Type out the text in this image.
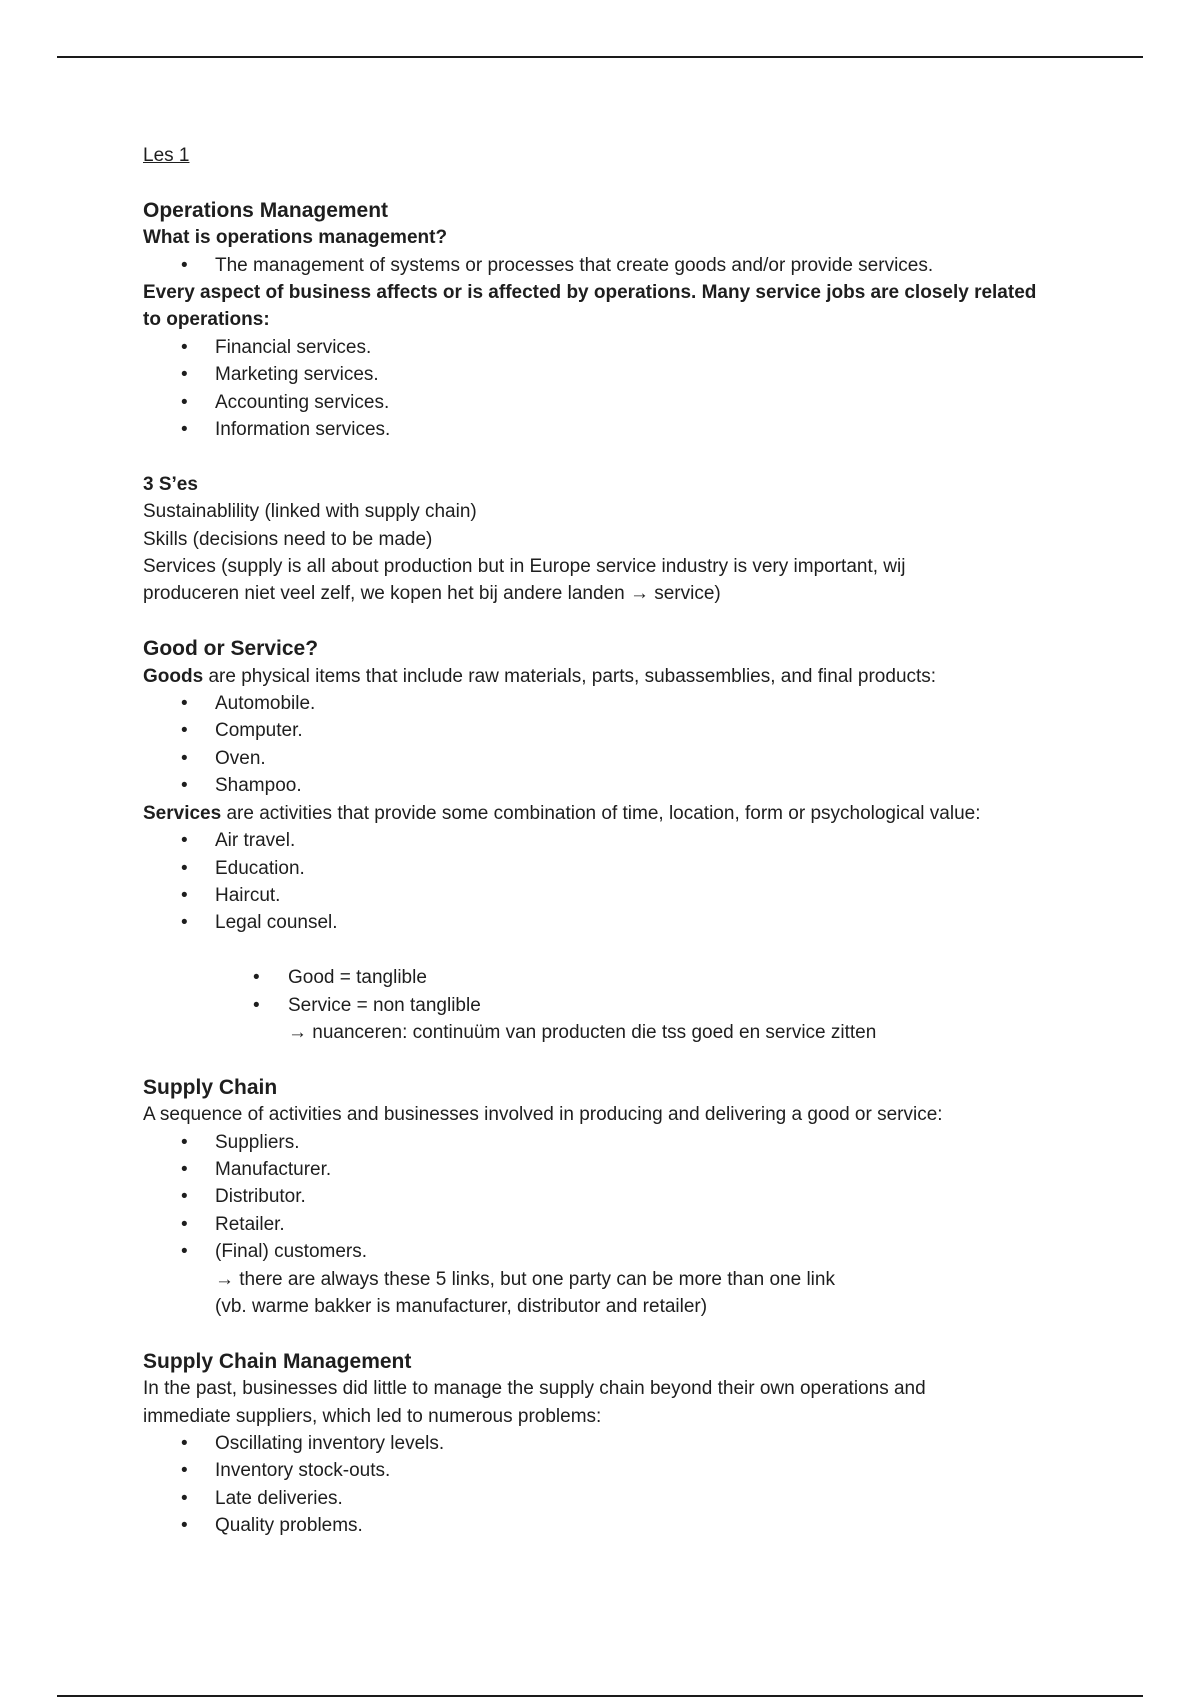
Les 1
Operations Management
What is operations management?
• The management of systems or processes that create goods and/or provide services.
Every aspect of business affects or is affected by operations. Many service jobs are closely related
to operations:
• Financial services.
• Marketing services.
• Accounting services.
• Information services.
3 S’es
Sustainablility (linked with supply chain)
Skills (decisions need to be made)
Services (supply is all about production but in Europe service industry is very important, wij
produceren niet veel zelf, we kopen het bij andere landen → service)
Good or Service?
Goods are physical items that include raw materials, parts, subassemblies, and final products:
• Automobile.
• Computer.
• Oven.
• Shampoo.
Services are activities that provide some combination of time, location, form or psychological value:
• Air travel.
• Education.
• Haircut.
• Legal counsel.
• Good = tanglible
• Service = non tanglible
→ nuanceren: continuüm van producten die tss goed en service zitten
Supply Chain
A sequence of activities and businesses involved in producing and delivering a good or service:
• Suppliers.
• Manufacturer.
• Distributor.
• Retailer.
• (Final) customers.
→ there are always these 5 links, but one party can be more than one link
(vb. warme bakker is manufacturer, distributor and retailer)
Supply Chain Management
In the past, businesses did little to manage the supply chain beyond their own operations and
immediate suppliers, which led to numerous problems:
• Oscillating inventory levels.
• Inventory stock-outs.
• Late deliveries.
• Quality problems.
